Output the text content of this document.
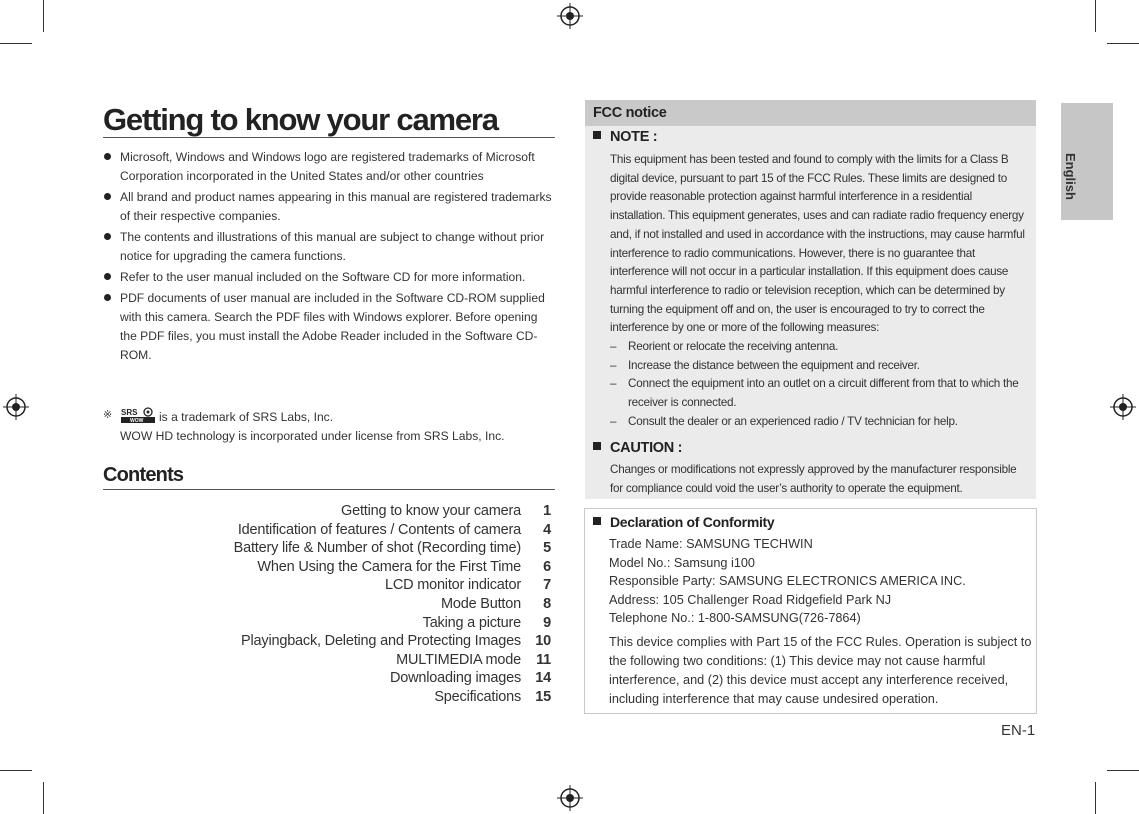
Getting to know your camera
Microsoft, Windows and Windows logo are registered trademarks of Microsoft Corporation incorporated in the United States and/or other countries
All brand and product names appearing in this manual are registered trademarks of their respective companies.
The contents and illustrations of this manual are subject to change without prior notice for upgrading the camera functions.
Refer to the user manual included on the Software CD for more information.
PDF documents of user manual are included in the Software CD-ROM supplied with this camera. Search the PDF files with Windows explorer. Before opening the PDF files, you must install the Adobe Reader included in the Software CD-ROM.
※ SRS
WOW is a trademark of SRS Labs, Inc.
WOW HD technology is incorporated under license from SRS Labs, Inc.
Contents
Getting to know your camera	1
Identification of features / Contents of camera	4
Battery life & Number of shot (Recording time)	5
When Using the Camera for the First Time	6
LCD monitor indicator	7
Mode Button	8
Taking a picture	9
Playingback, Deleting and Protecting Images 10
MULTIMEDIA mode	11
Downloading images 14
Specifications 15
FCC notice
NOTE :

This equipment has been tested and found to comply with the limits for a Class B digital device, pursuant to part 15 of the FCC Rules. These limits are designed to provide reasonable protection against harmful interference in a residential installation. This equipment generates, uses and can radiate radio frequency energy and, if not installed and used in accordance with the instructions, may cause harmful interference to radio communications. However, there is no guarantee that interference will not occur in a particular installation. If this equipment does cause harmful interference to radio or television reception, which can be determined by turning the equipment off and on, the user is encouraged to try to correct the interference by one or more of the following measures:

– Reorient or relocate the receiving antenna.
– Increase the distance between the equipment and receiver.
– Connect the equipment into an outlet on a circuit different from that to which the receiver is connected.
– Consult the dealer or an experienced radio / TV technician for help.
CAUTION :

Changes or modifications not expressly approved by the manufacturer responsible for compliance could void the user’s authority to operate the equipment.

Declaration of Conformity
Trade Name: SAMSUNG TECHWIN
Model No.: Samsung i100
Responsible Party: SAMSUNG ELECTRONICS AMERICA INC.
Address: 105 Challenger Road Ridgefield Park NJ
Telephone No.: 1-800-SAMSUNG(726-7864)

This device complies with Part 15 of the FCC Rules. Operation is subject to the following two conditions: (1) This device may not cause harmful interference, and (2) this device must accept any interference received, including interference that may cause undesired operation.

English
EN-1
